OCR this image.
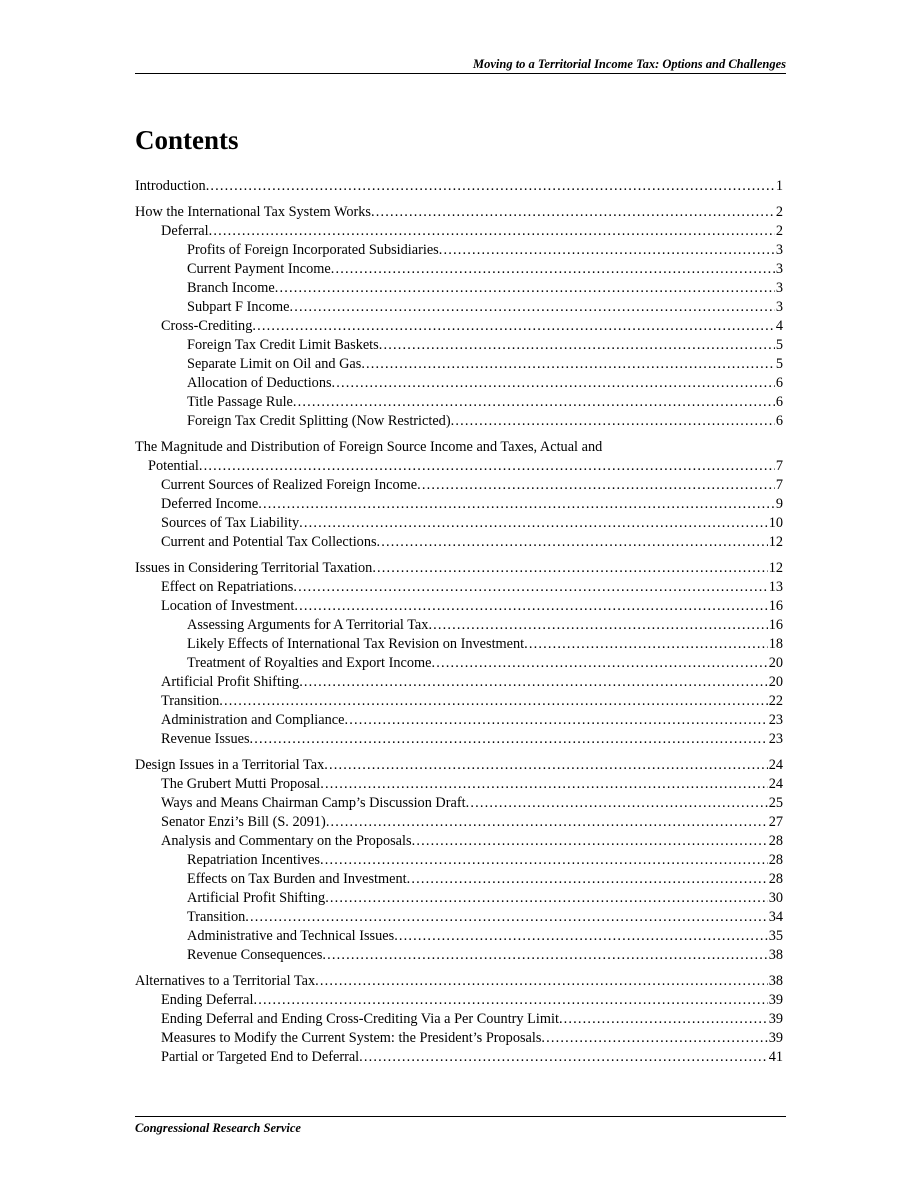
Moving to a Territorial Income Tax: Options and Challenges
Contents
Introduction . . .	1
How the International Tax System Works . . .	2
Deferral . . .	2
Profits of Foreign Incorporated Subsidiaries . . .	3
Current Payment Income . . .	3
Branch Income . . .	3
Subpart F Income . . .	3
Cross-Crediting . . .	4
Foreign Tax Credit Limit Baskets . . .	5
Separate Limit on Oil and Gas . . .	5
Allocation of Deductions . . .	6
Title Passage Rule . . .	6
Foreign Tax Credit Splitting (Now Restricted) . . .	6
The Magnitude and Distribution of Foreign Source Income and Taxes, Actual and
Potential . . .	7
Current Sources of Realized Foreign Income . . .	7
Deferred Income . . .	9
Sources of Tax Liability . . .	10
Current and Potential Tax Collections . . .	12
Issues in Considering Territorial Taxation . . .	12
Effect on Repatriations . . .	13
Location of Investment . . .	16
Assessing Arguments for A Territorial Tax . . .	16
Likely Effects of International Tax Revision on Investment . . .	18
Treatment of Royalties and Export Income . . .	20
Artificial Profit Shifting . . .	20
Transition . . .	22
Administration and Compliance . . .	23
Revenue Issues . . .	23
Design Issues in a Territorial Tax . . .	24
The Grubert Mutti Proposal . . .	24
Ways and Means Chairman Camp’s Discussion Draft . . .	25
Senator Enzi’s Bill (S. 2091) . . .	27
Analysis and Commentary on the Proposals . . .	28
Repatriation Incentives . . .	28
Effects on Tax Burden and Investment . . .	28
Artificial Profit Shifting . . .	30
Transition . . .	34
Administrative and Technical Issues . . .	35
Revenue Consequences . . .	38
Alternatives to a Territorial Tax . . .	38
Ending Deferral . . .	39
Ending Deferral and Ending Cross-Crediting Via a Per Country Limit . . .	39
Measures to Modify the Current System: the President’s Proposals . . .	39
Partial or Targeted End to Deferral . . .	41
Congressional Research Service
